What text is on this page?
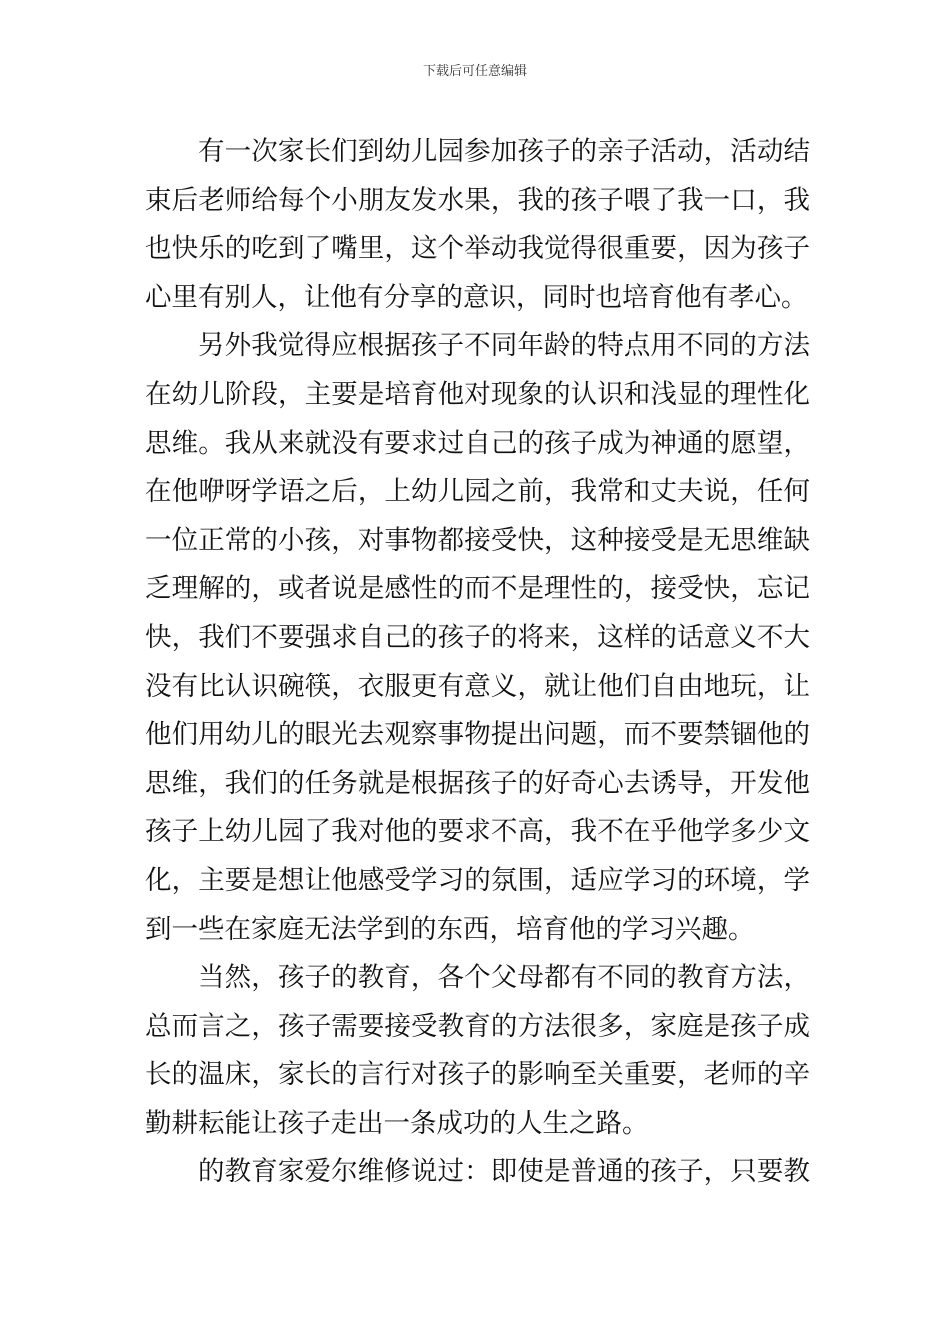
下载后可任意编辑
有一次家长们到幼儿园参加孩子的亲子活动，活动结
束后老师给每个小朋友发水果，我的孩子喂了我一口，我
也快乐的吃到了嘴里，这个举动我觉得很重要，因为孩子
心里有别人，让他有分享的意识，同时也培育他有孝心。
另外我觉得应根据孩子不同年龄的特点用不同的方法
在幼儿阶段，主要是培育他对现象的认识和浅显的理性化
思维。我从来就没有要求过自己的孩子成为神通的愿望，
在他咿呀学语之后，上幼儿园之前，我常和丈夫说，任何
一位正常的小孩，对事物都接受快，这种接受是无思维缺
乏理解的，或者说是感性的而不是理性的，接受快，忘记
快，我们不要强求自己的孩子的将来，这样的话意义不大
没有比认识碗筷，衣服更有意义，就让他们自由地玩，让
他们用幼儿的眼光去观察事物提出问题，而不要禁锢他的
思维，我们的任务就是根据孩子的好奇心去诱导，开发他
孩子上幼儿园了我对他的要求不高，我不在乎他学多少文
化，主要是想让他感受学习的氛围，适应学习的环境，学
到一些在家庭无法学到的东西，培育他的学习兴趣。
当然，孩子的教育，各个父母都有不同的教育方法，
总而言之，孩子需要接受教育的方法很多，家庭是孩子成
长的温床，家长的言行对孩子的影响至关重要，老师的辛
勤耕耘能让孩子走出一条成功的人生之路。
的教育家爱尔维修说过：即使是普通的孩子，只要教
